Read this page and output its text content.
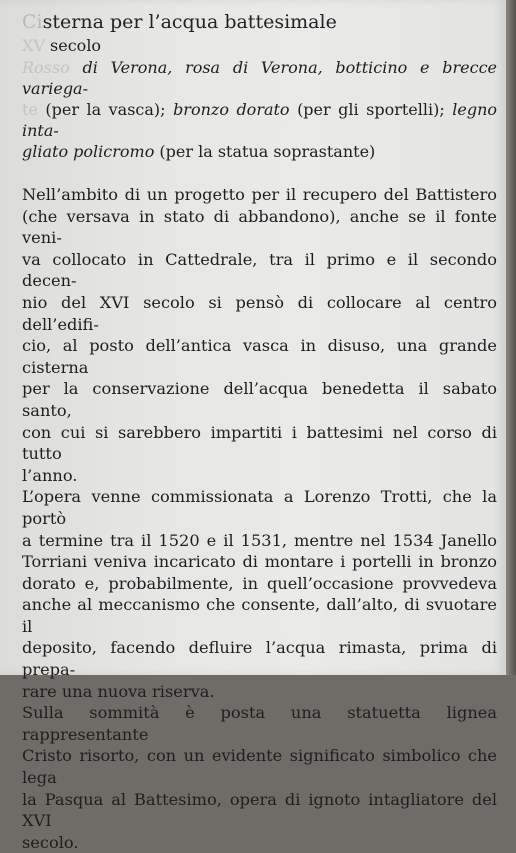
Cisterna per l’acqua battesimale

XV secolo

Rosso di Verona, rosa di Verona, botticino e brecce variega-
te (per la vasca); bronzo dorato (per gli sportelli); legno inta-
gliato policromo (per la statua soprastante)

Nell’ambito di un progetto per il recupero del Battistero
(che versava in stato di abbandono), anche se il fonte veni-
va collocato in Cattedrale, tra il primo e il secondo decen-
nio del XVI secolo si pensò di collocare al centro dell’edifi-
cio, al posto dell’antica vasca in disuso, una grande cisterna
per la conservazione dell’acqua benedetta il sabato santo,
con cui si sarebbero impartiti i battesimi nel corso di tutto
l’anno.

L’opera venne commissionata a Lorenzo Trotti, che la portò
a termine tra il 1520 e il 1531, mentre nel 1534 Janello
Torriani veniva incaricato di montare i portelli in bronzo
dorato e, probabilmente, in quell’occasione provvedeva
anche al meccanismo che consente, dall’alto, di svuotare il
deposito, facendo defluire l’acqua rimasta, prima di prepa-
rare una nuova riserva.

Sulla sommità è posta una statuetta lignea rappresentante
Cristo risorto, con un evidente significato simbolico che lega
la Pasqua al Battesimo, opera di ignoto intagliatore del XVI
secolo.
